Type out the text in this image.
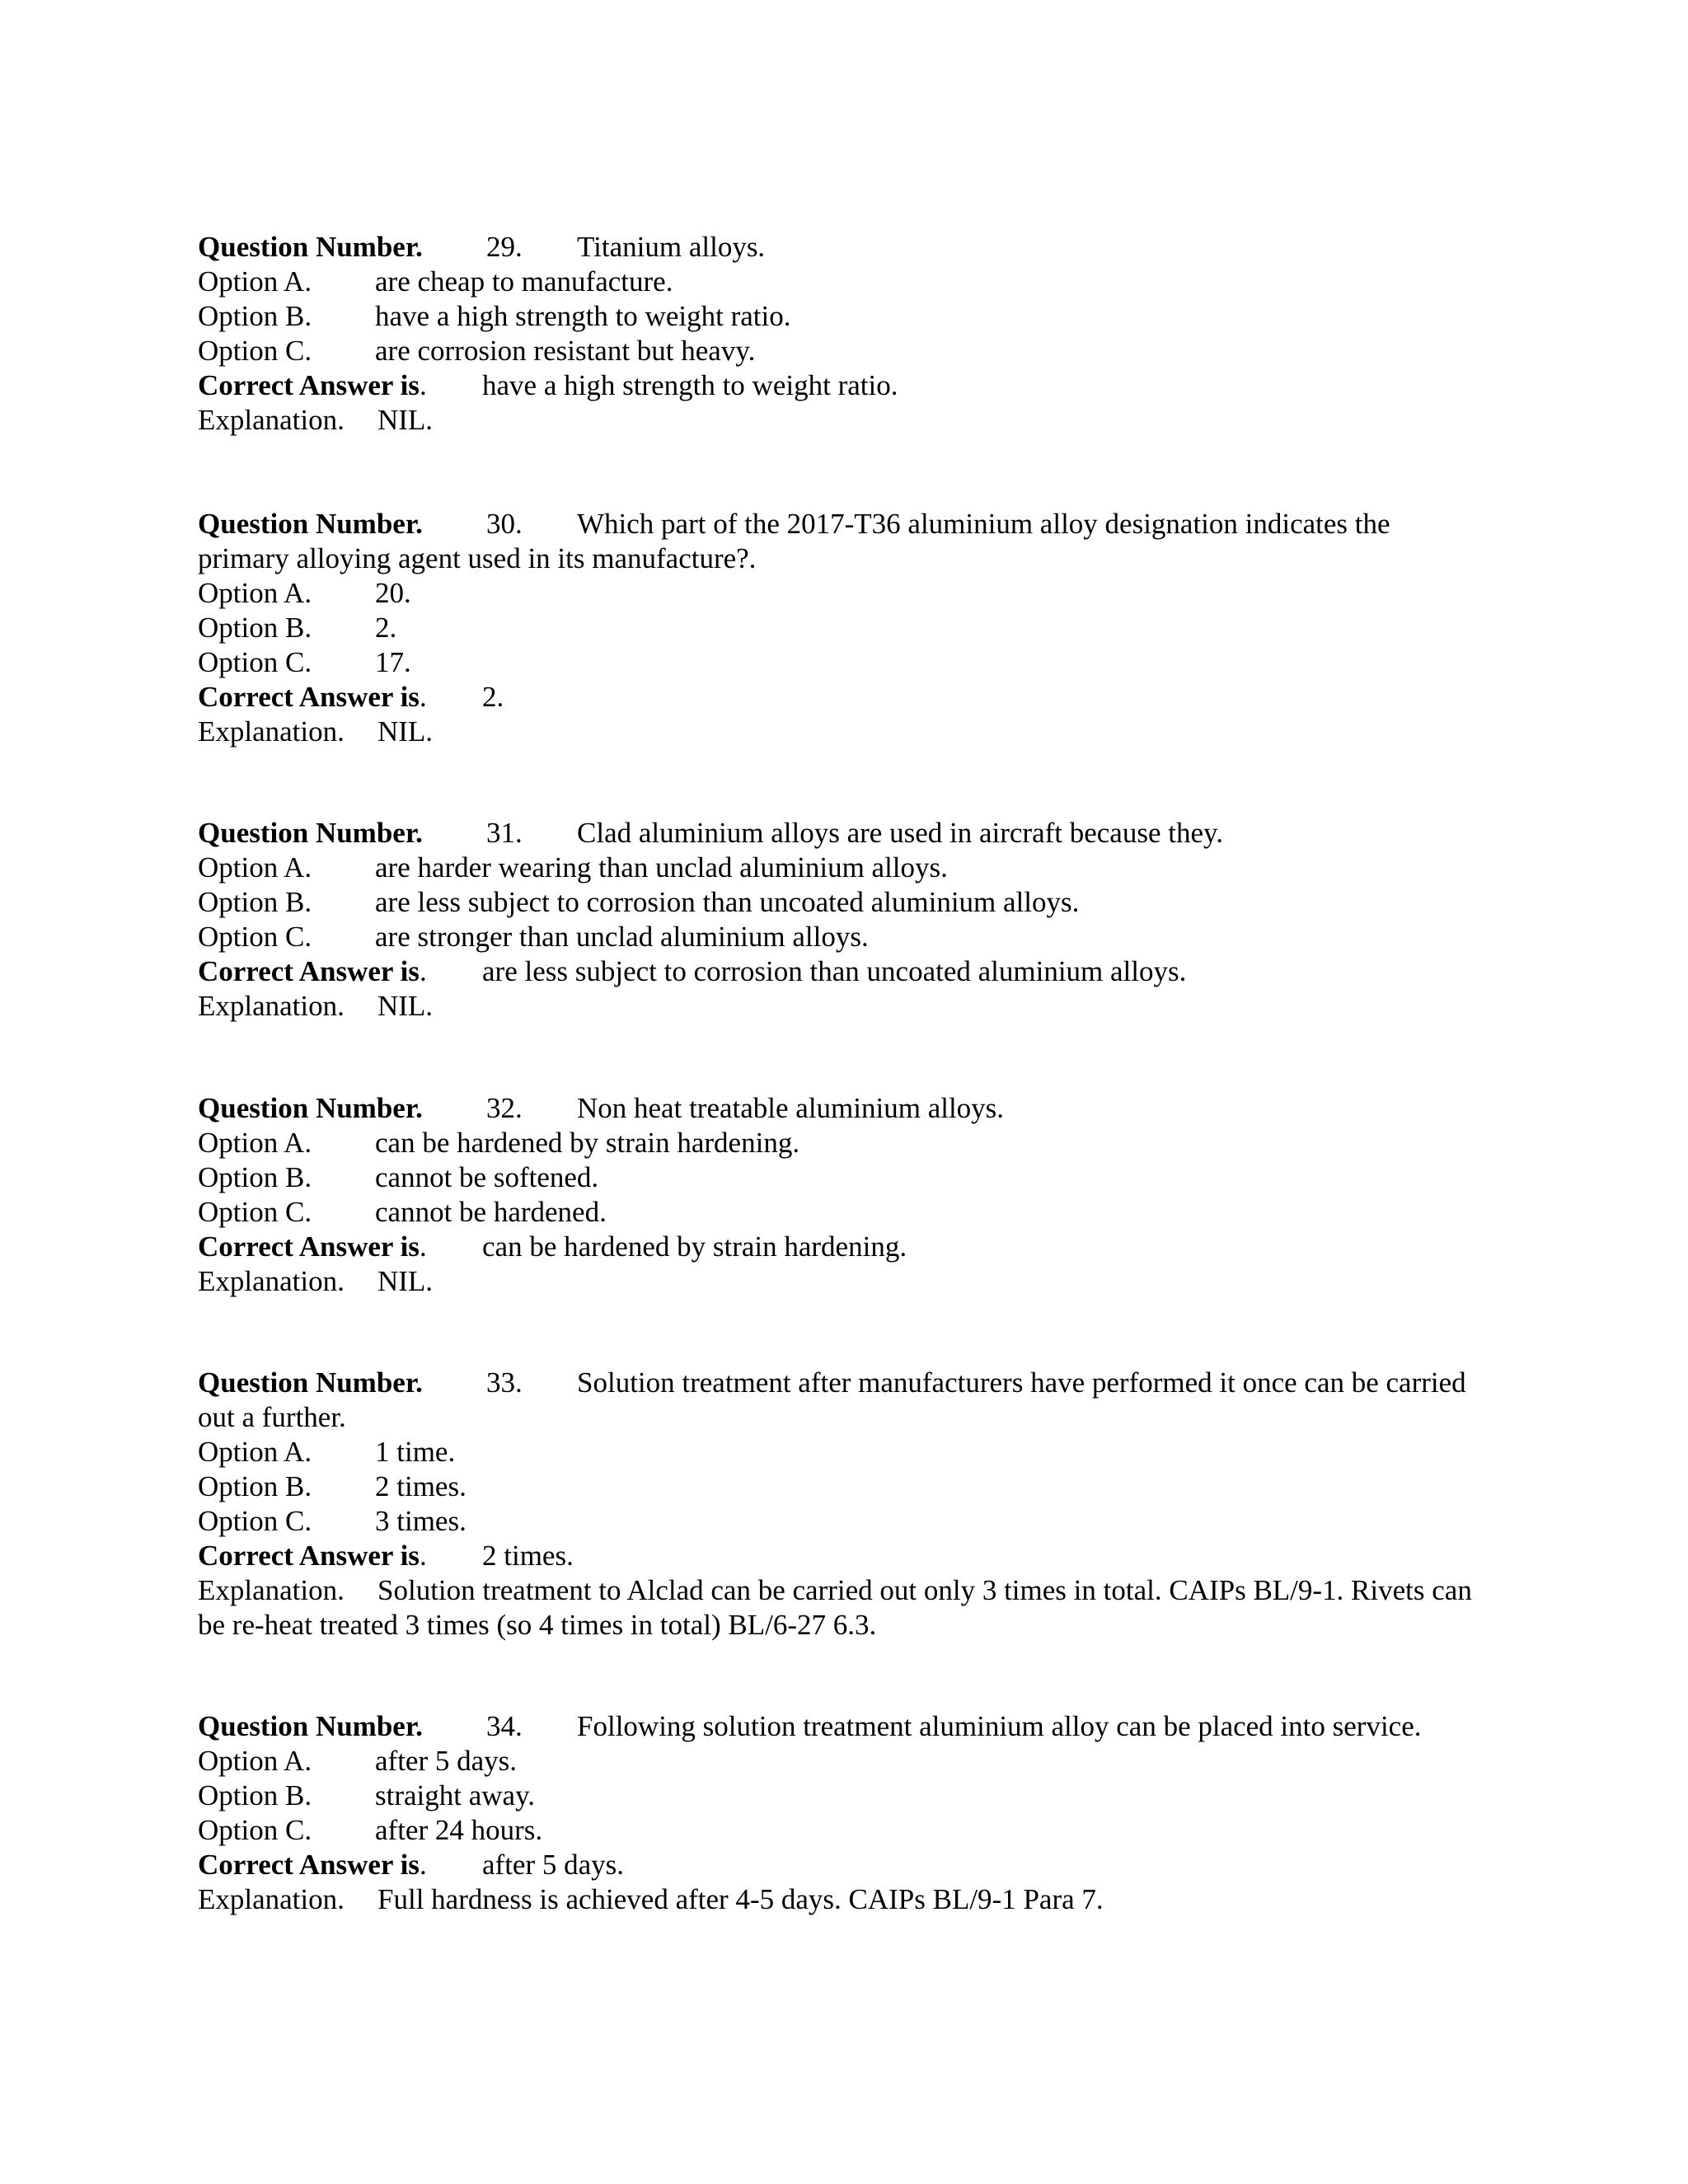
Question Number. 29. Titanium alloys.
Option A. are cheap to manufacture.
Option B. have a high strength to weight ratio.
Option C. are corrosion resistant but heavy.
Correct Answer is. have a high strength to weight ratio.
Explanation. NIL.
Question Number. 30. Which part of the 2017-T36 aluminium alloy designation indicates the primary alloying agent used in its manufacture?.
Option A. 20.
Option B. 2.
Option C. 17.
Correct Answer is. 2.
Explanation. NIL.
Question Number. 31. Clad aluminium alloys are used in aircraft because they.
Option A. are harder wearing than unclad aluminium alloys.
Option B. are less subject to corrosion than uncoated aluminium alloys.
Option C. are stronger than unclad aluminium alloys.
Correct Answer is. are less subject to corrosion than uncoated aluminium alloys.
Explanation. NIL.
Question Number. 32. Non heat treatable aluminium alloys.
Option A. can be hardened by strain hardening.
Option B. cannot be softened.
Option C. cannot be hardened.
Correct Answer is. can be hardened by strain hardening.
Explanation. NIL.
Question Number. 33. Solution treatment after manufacturers have performed it once can be carried out a further.
Option A. 1 time.
Option B. 2 times.
Option C. 3 times.
Correct Answer is. 2 times.
Explanation. Solution treatment to Alclad can be carried out only 3 times in total. CAIPs BL/9-1. Rivets can be re-heat treated 3 times (so 4 times in total) BL/6-27 6.3.
Question Number. 34. Following solution treatment aluminium alloy can be placed into service.
Option A. after 5 days.
Option B. straight away.
Option C. after 24 hours.
Correct Answer is. after 5 days.
Explanation. Full hardness is achieved after 4-5 days. CAIPs BL/9-1 Para 7.
